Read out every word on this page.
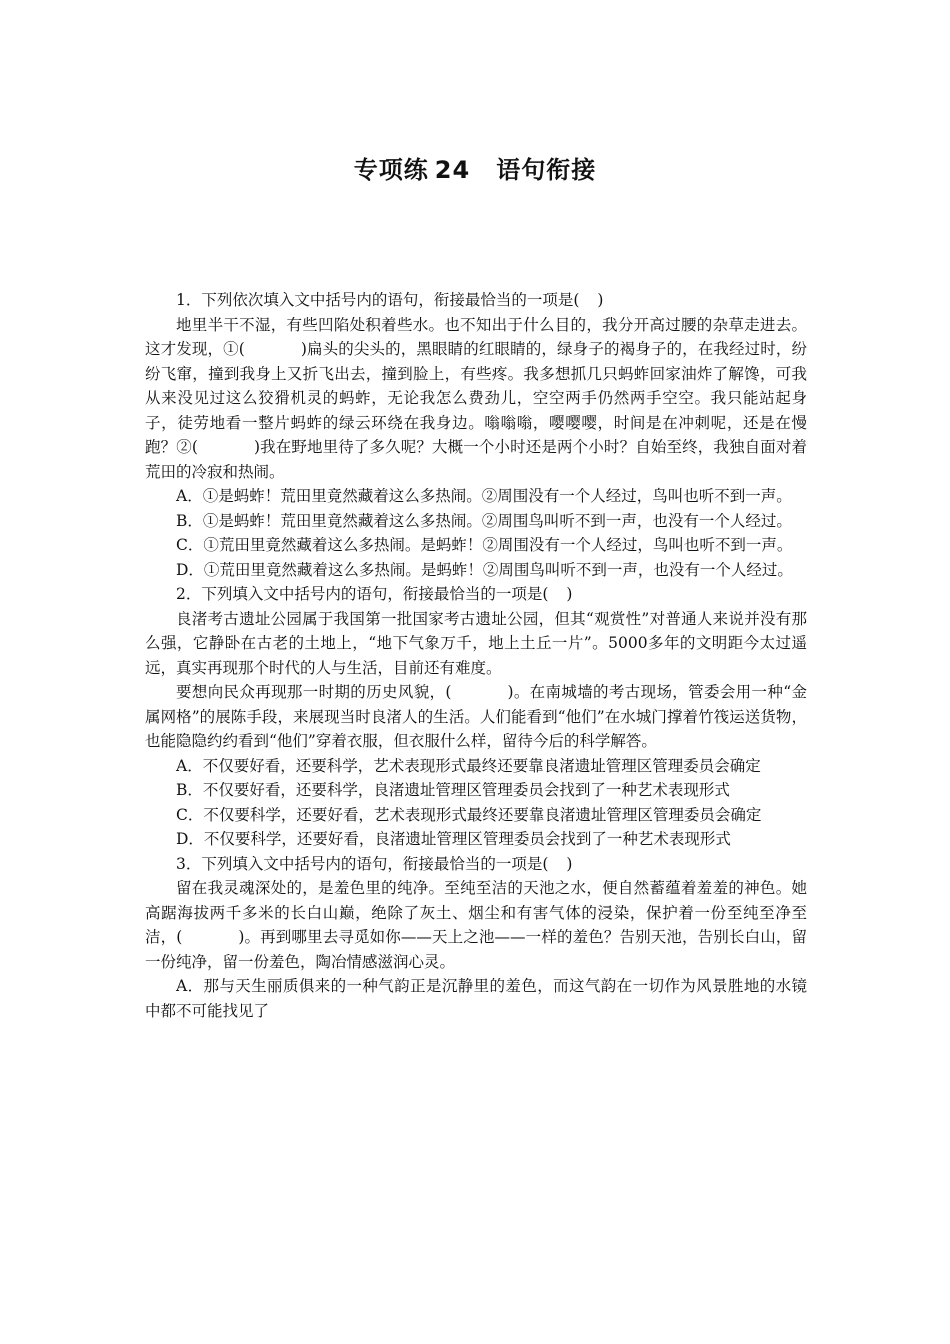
专项练 24 语句衔接

1．下列依次填入文中括号内的语句，衔接最恰当的一项是( )

地里半干不湿，有些凹陷处积着些水。也不知出于什么目的，我分开高过腰的杂草走进去。这才发现，①(	)扁头的尖头的，黑眼睛的红眼睛的，绿身子的褐身子的，在我经过时，纷纷飞窜，撞到我身上又折飞出去，撞到脸上，有些疼。我多想抓几只蚂蚱回家油炸了解馋，可我从来没见过这么狡猾机灵的蚂蚱，无论我怎么费劲儿，空空两手仍然两手空空。我只能站起身子，徒劳地看一整片蚂蚱的绿云环绕在我身边。嗡嗡嗡，嘤嘤嘤，时间是在冲刺呢，还是在慢跑？②(	)我在野地里待了多久呢？大概一个小时还是两个小时？自始至终，我独自面对着荒田的冷寂和热闹。

A．①是蚂蚱！荒田里竟然藏着这么多热闹。②周围没有一个人经过，鸟叫也听不到一声。

B．①是蚂蚱！荒田里竟然藏着这么多热闹。②周围鸟叫听不到一声，也没有一个人经过。

C．①荒田里竟然藏着这么多热闹。是蚂蚱！②周围没有一个人经过，鸟叫也听不到一声。

D．①荒田里竟然藏着这么多热闹。是蚂蚱！②周围鸟叫听不到一声，也没有一个人经过。

2．下列填入文中括号内的语句，衔接最恰当的一项是( )

良渚考古遗址公园属于我国第一批国家考古遗址公园，但其“观赏性”对普通人来说并没有那么强，它静卧在古老的土地上，“地下气象万千，地上土丘一片”。5000多年的文明距今太过遥远，真实再现那个时代的人与生活，目前还有难度。

要想向民众再现那一时期的历史风貌，(	)。在南城墙的考古现场，管委会用一种“金属网格”的展陈手段，来展现当时良渚人的生活。人们能看到“他们”在水城门撑着竹筏运送货物，也能隐隐约约看到“他们”穿着衣服，但衣服什么样，留待今后的科学解答。

A．不仅要好看，还要科学，艺术表现形式最终还要靠良渚遗址管理区管理委员会确定

B．不仅要好看，还要科学，良渚遗址管理区管理委员会找到了一种艺术表现形式

C．不仅要科学，还要好看，艺术表现形式最终还要靠良渚遗址管理区管理委员会确定

D．不仅要科学，还要好看，良渚遗址管理区管理委员会找到了一种艺术表现形式

3．下列填入文中括号内的语句，衔接最恰当的一项是( )

留在我灵魂深处的，是羞色里的纯净。至纯至洁的天池之水，便自然蓄蕴着羞羞的神色。她高踞海拔两千多米的长白山巅，绝除了灰土、烟尘和有害气体的浸染，保护着一份至纯至净至洁，(	)。再到哪里去寻觅如你——天上之池——一样的羞色？告别天池，告别长白山，留一份纯净，留一份羞色，陶冶情感滋润心灵。

A．那与天生丽质俱来的一种气韵正是沉静里的羞色，而这气韵在一切作为风景胜地的水镜中都不可能找见了
